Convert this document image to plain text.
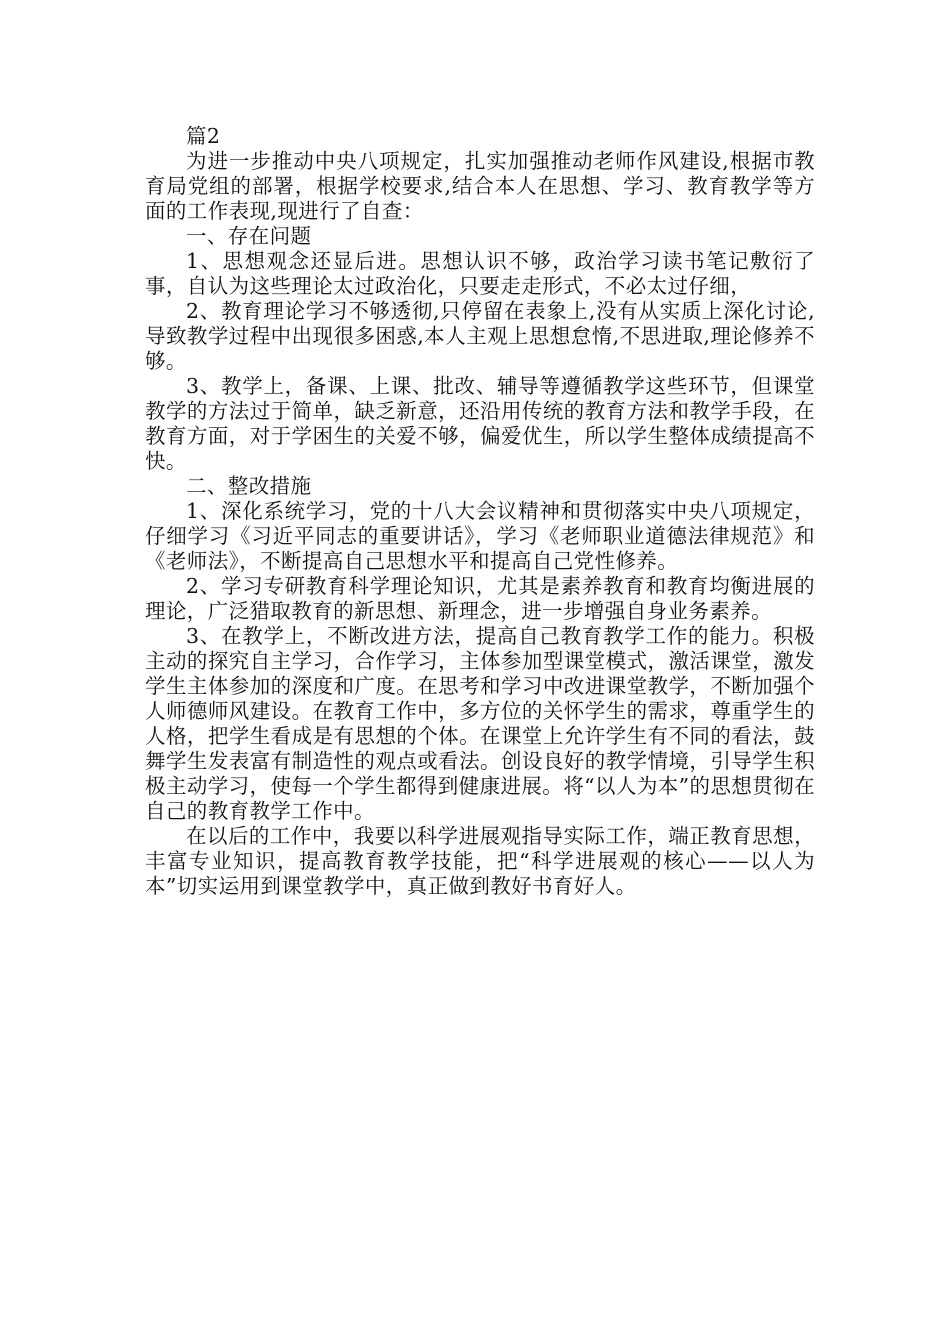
篇2

为进一步推动中央八项规定，扎实加强推动老师作风建设,根据市教育局党组的部署，根据学校要求,结合本人在思想、学习、教育教学等方面的工作表现,现进行了自查：

一、存在问题

1、思想观念还显后进。思想认识不够，政治学习读书笔记敷衍了事，自认为这些理论太过政治化，只要走走形式，不必太过仔细，

2、教育理论学习不够透彻,只停留在表象上,没有从实质上深化讨论,导致教学过程中出现很多困惑,本人主观上思想怠惰,不思进取,理论修养不够。

3、教学上，备课、上课、批改、辅导等遵循教学这些环节，但课堂教学的方法过于简单，缺乏新意，还沿用传统的教育方法和教学手段，在教育方面，对于学困生的关爱不够，偏爱优生，所以学生整体成绩提高不快。

二、整改措施

1、深化系统学习，党的十八大会议精神和贯彻落实中央八项规定，仔细学习《习近平同志的重要讲话》，学习《老师职业道德法律规范》和《老师法》，不断提高自己思想水平和提高自己党性修养。

2、学习专研教育科学理论知识，尤其是素养教育和教育均衡进展的理论，广泛猎取教育的新思想、新理念，进一步增强自身业务素养。

3、在教学上，不断改进方法，提高自己教育教学工作的能力。积极主动的探究自主学习，合作学习，主体参加型课堂模式，激活课堂，激发学生主体参加的深度和广度。在思考和学习中改进课堂教学，不断加强个人师德师风建设。在教育工作中，多方位的关怀学生的需求，尊重学生的人格，把学生看成是有思想的个体。在课堂上允许学生有不同的看法，鼓舞学生发表富有制造性的观点或看法。创设良好的教学情境，引导学生积极主动学习，使每一个学生都得到健康进展。将“以人为本”的思想贯彻在自己的教育教学工作中。

在以后的工作中，我要以科学进展观指导实际工作，端正教育思想，丰富专业知识，提高教育教学技能，把“科学进展观的核心——以人为本”切实运用到课堂教学中，真正做到教好书育好人。
